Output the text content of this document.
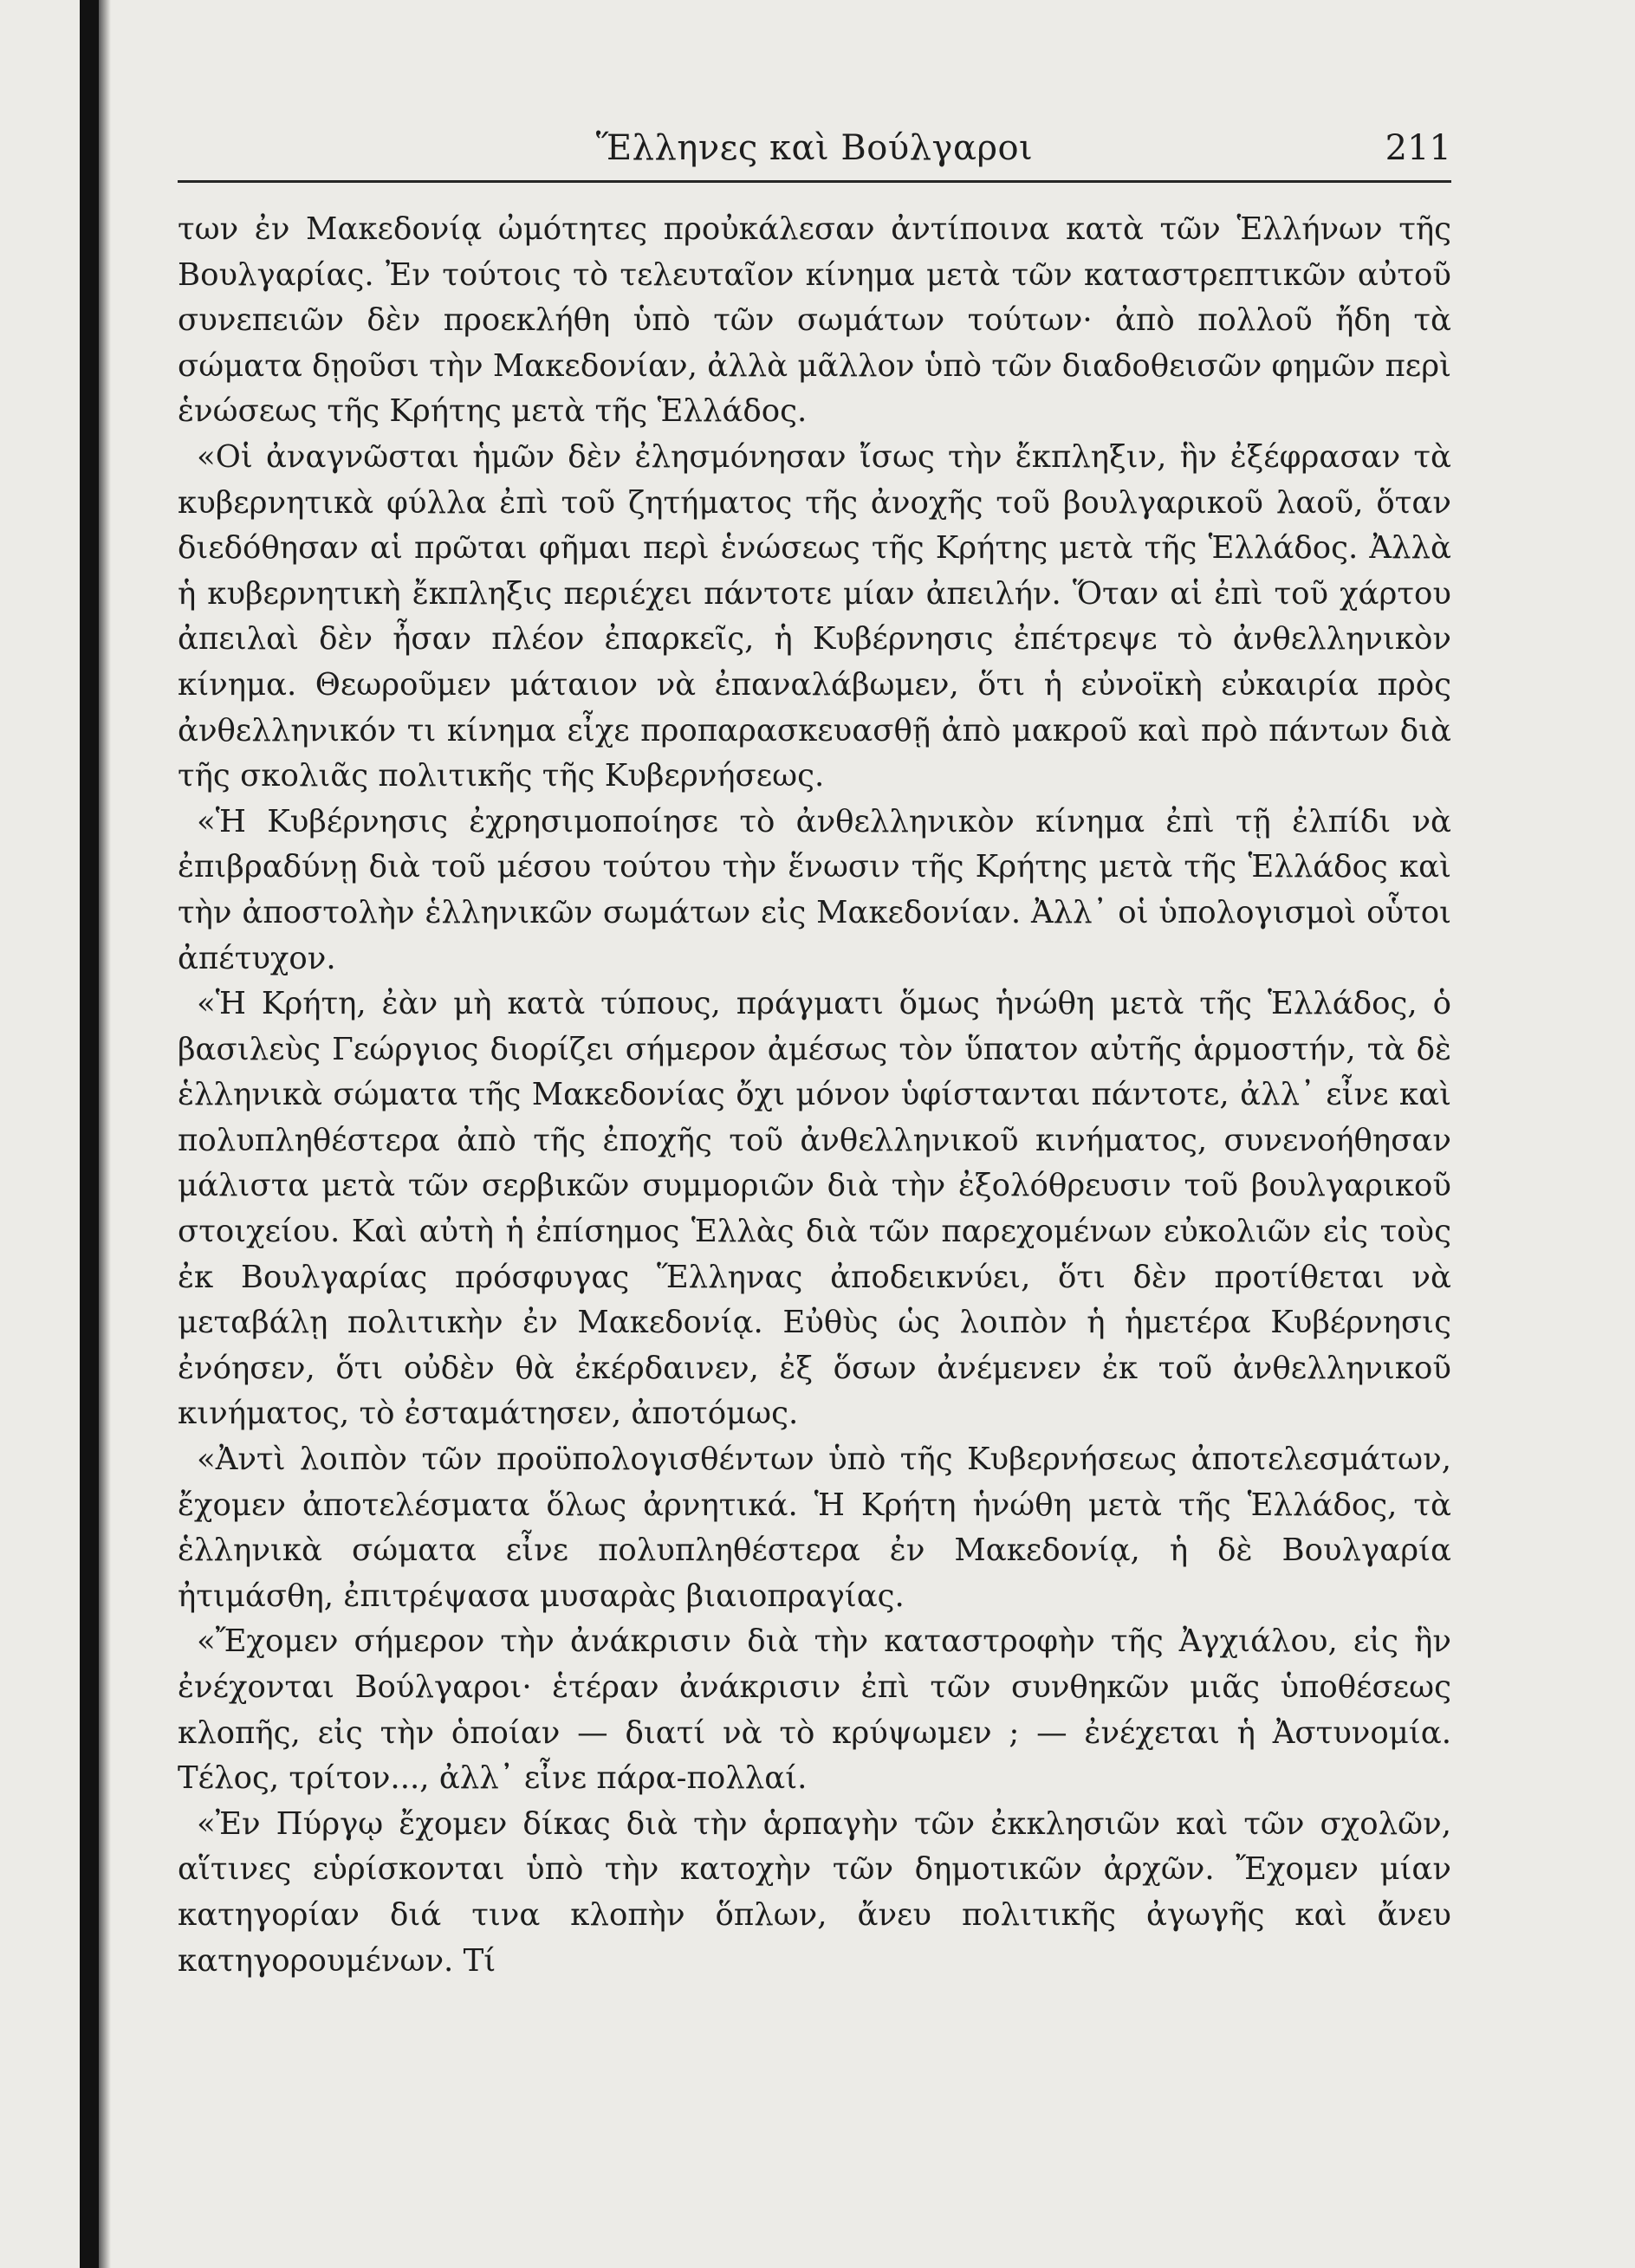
Ἕλληνες καὶ Βούλγαροι	211

των ἐν Μακεδονίᾳ ὠμότητες προὐκάλεσαν ἀντίποινα κατὰ τῶν Ἑλλήνων τῆς Βουλγαρίας. Ἐν τούτοις τὸ τελευταῖον κίνημα μετὰ τῶν καταστρεπτικῶν αὐτοῦ συνεπειῶν δὲν προεκλήθη ὑπὸ τῶν σωμάτων τούτων· ἀπὸ πολλοῦ ἤδη τὰ σώματα δῃοῦσι τὴν Μακεδονίαν, ἀλλὰ μᾶλλον ὑπὸ τῶν διαδοθεισῶν φημῶν περὶ ἑνώσεως τῆς Κρήτης μετὰ τῆς Ἑλλάδος.

«Οἱ ἀναγνῶσται ἡμῶν δὲν ἐλησμόνησαν ἴσως τὴν ἔκπληξιν, ἣν ἐξέφρασαν τὰ κυβερνητικὰ φύλλα ἐπὶ τοῦ ζητήματος τῆς ἀνοχῆς τοῦ βουλγαρικοῦ λαοῦ, ὅταν διεδόθησαν αἱ πρῶται φῆμαι περὶ ἑνώσεως τῆς Κρήτης μετὰ τῆς Ἑλλάδος. Ἀλλὰ ἡ κυβερνητικὴ ἔκπληξις περιέχει πάντοτε μίαν ἀπειλήν. Ὅταν αἱ ἐπὶ τοῦ χάρτου ἀπειλαὶ δὲν ἦσαν πλέον ἐπαρκεῖς, ἡ Κυβέρνησις ἐπέτρεψε τὸ ἀνθελληνικὸν κίνημα. Θεωροῦμεν μάταιον νὰ ἐπαναλάβωμεν, ὅτι ἡ εὐνοϊκὴ εὐκαιρία πρὸς ἀνθελληνικόν τι κίνημα εἶχε προπαρασκευασθῇ ἀπὸ μακροῦ καὶ πρὸ πάντων διὰ τῆς σκολιᾶς πολιτικῆς τῆς Κυβερνήσεως.

«Ἡ Κυβέρνησις ἐχρησιμοποίησε τὸ ἀνθελληνικὸν κίνημα ἐπὶ τῇ ἐλπίδι νὰ ἐπιβραδύνῃ διὰ τοῦ μέσου τούτου τὴν ἕνωσιν τῆς Κρήτης μετὰ τῆς Ἑλλάδος καὶ τὴν ἀποστολὴν ἑλληνικῶν σωμάτων εἰς Μακεδονίαν. Ἀλλ᾽ οἱ ὑπολογισμοὶ οὗτοι ἀπέτυχον.

«Ἡ Κρήτη, ἐὰν μὴ κατὰ τύπους, πράγματι ὅμως ἡνώθη μετὰ τῆς Ἑλλάδος, ὁ βασιλεὺς Γεώργιος διορίζει σήμερον ἀμέσως τὸν ὕπατον αὐτῆς ἁρμοστήν, τὰ δὲ ἑλληνικὰ σώματα τῆς Μακεδονίας ὄχι μόνον ὑφίστανται πάντοτε, ἀλλ᾽ εἶνε καὶ πολυπληθέστερα ἀπὸ τῆς ἐποχῆς τοῦ ἀνθελληνικοῦ κινήματος, συνενοήθησαν μάλιστα μετὰ τῶν σερβικῶν συμμοριῶν διὰ τὴν ἐξολόθρευσιν τοῦ βουλγαρικοῦ στοιχείου. Καὶ αὐτὴ ἡ ἐπίσημος Ἑλλὰς διὰ τῶν παρεχομένων εὐκολιῶν εἰς τοὺς ἐκ Βουλγαρίας πρόσφυγας Ἕλληνας ἀποδεικνύει, ὅτι δὲν προτίθεται νὰ μεταβάλῃ πολιτικὴν ἐν Μακεδονίᾳ. Εὐθὺς ὡς λοιπὸν ἡ ἡμετέρα Κυβέρνησις ἐνόησεν, ὅτι οὐδὲν θὰ ἐκέρδαινεν, ἐξ ὅσων ἀνέμενεν ἐκ τοῦ ἀνθελληνικοῦ κινήματος, τὸ ἐσταμάτησεν, ἀποτόμως.

«Ἀντὶ λοιπὸν τῶν προϋπολογισθέντων ὑπὸ τῆς Κυβερνήσεως ἀποτελεσμάτων, ἔχομεν ἀποτελέσματα ὅλως ἀρνητικά. Ἡ Κρήτη ἡνώθη μετὰ τῆς Ἑλλάδος, τὰ ἑλληνικὰ σώματα εἶνε πολυπληθέστερα ἐν Μακεδονίᾳ, ἡ δὲ Βουλγαρία ἠτιμάσθη, ἐπιτρέψασα μυσαρὰς βιαιοπραγίας.

«Ἔχομεν σήμερον τὴν ἀνάκρισιν διὰ τὴν καταστροφὴν τῆς Ἀγχιάλου, εἰς ἣν ἐνέχονται Βούλγαροι· ἑτέραν ἀνάκρισιν ἐπὶ τῶν συνθηκῶν μιᾶς ὑποθέσεως κλοπῆς, εἰς τὴν ὁποίαν — διατί νὰ τὸ κρύψωμεν ; — ἐνέχεται ἡ Ἀστυνομία. Τέλος, τρίτον..., ἀλλ᾽ εἶνε πάρα-πολλαί.

«Ἐν Πύργῳ ἔχομεν δίκας διὰ τὴν ἁρπαγὴν τῶν ἐκκλησιῶν καὶ τῶν σχολῶν, αἵτινες εὑρίσκονται ὑπὸ τὴν κατοχὴν τῶν δημοτικῶν ἀρχῶν. Ἔχομεν μίαν κατηγορίαν διά τινα κλοπὴν ὅπλων, ἄνευ πολιτικῆς ἀγωγῆς καὶ ἄνευ κατηγορουμένων. Τί
